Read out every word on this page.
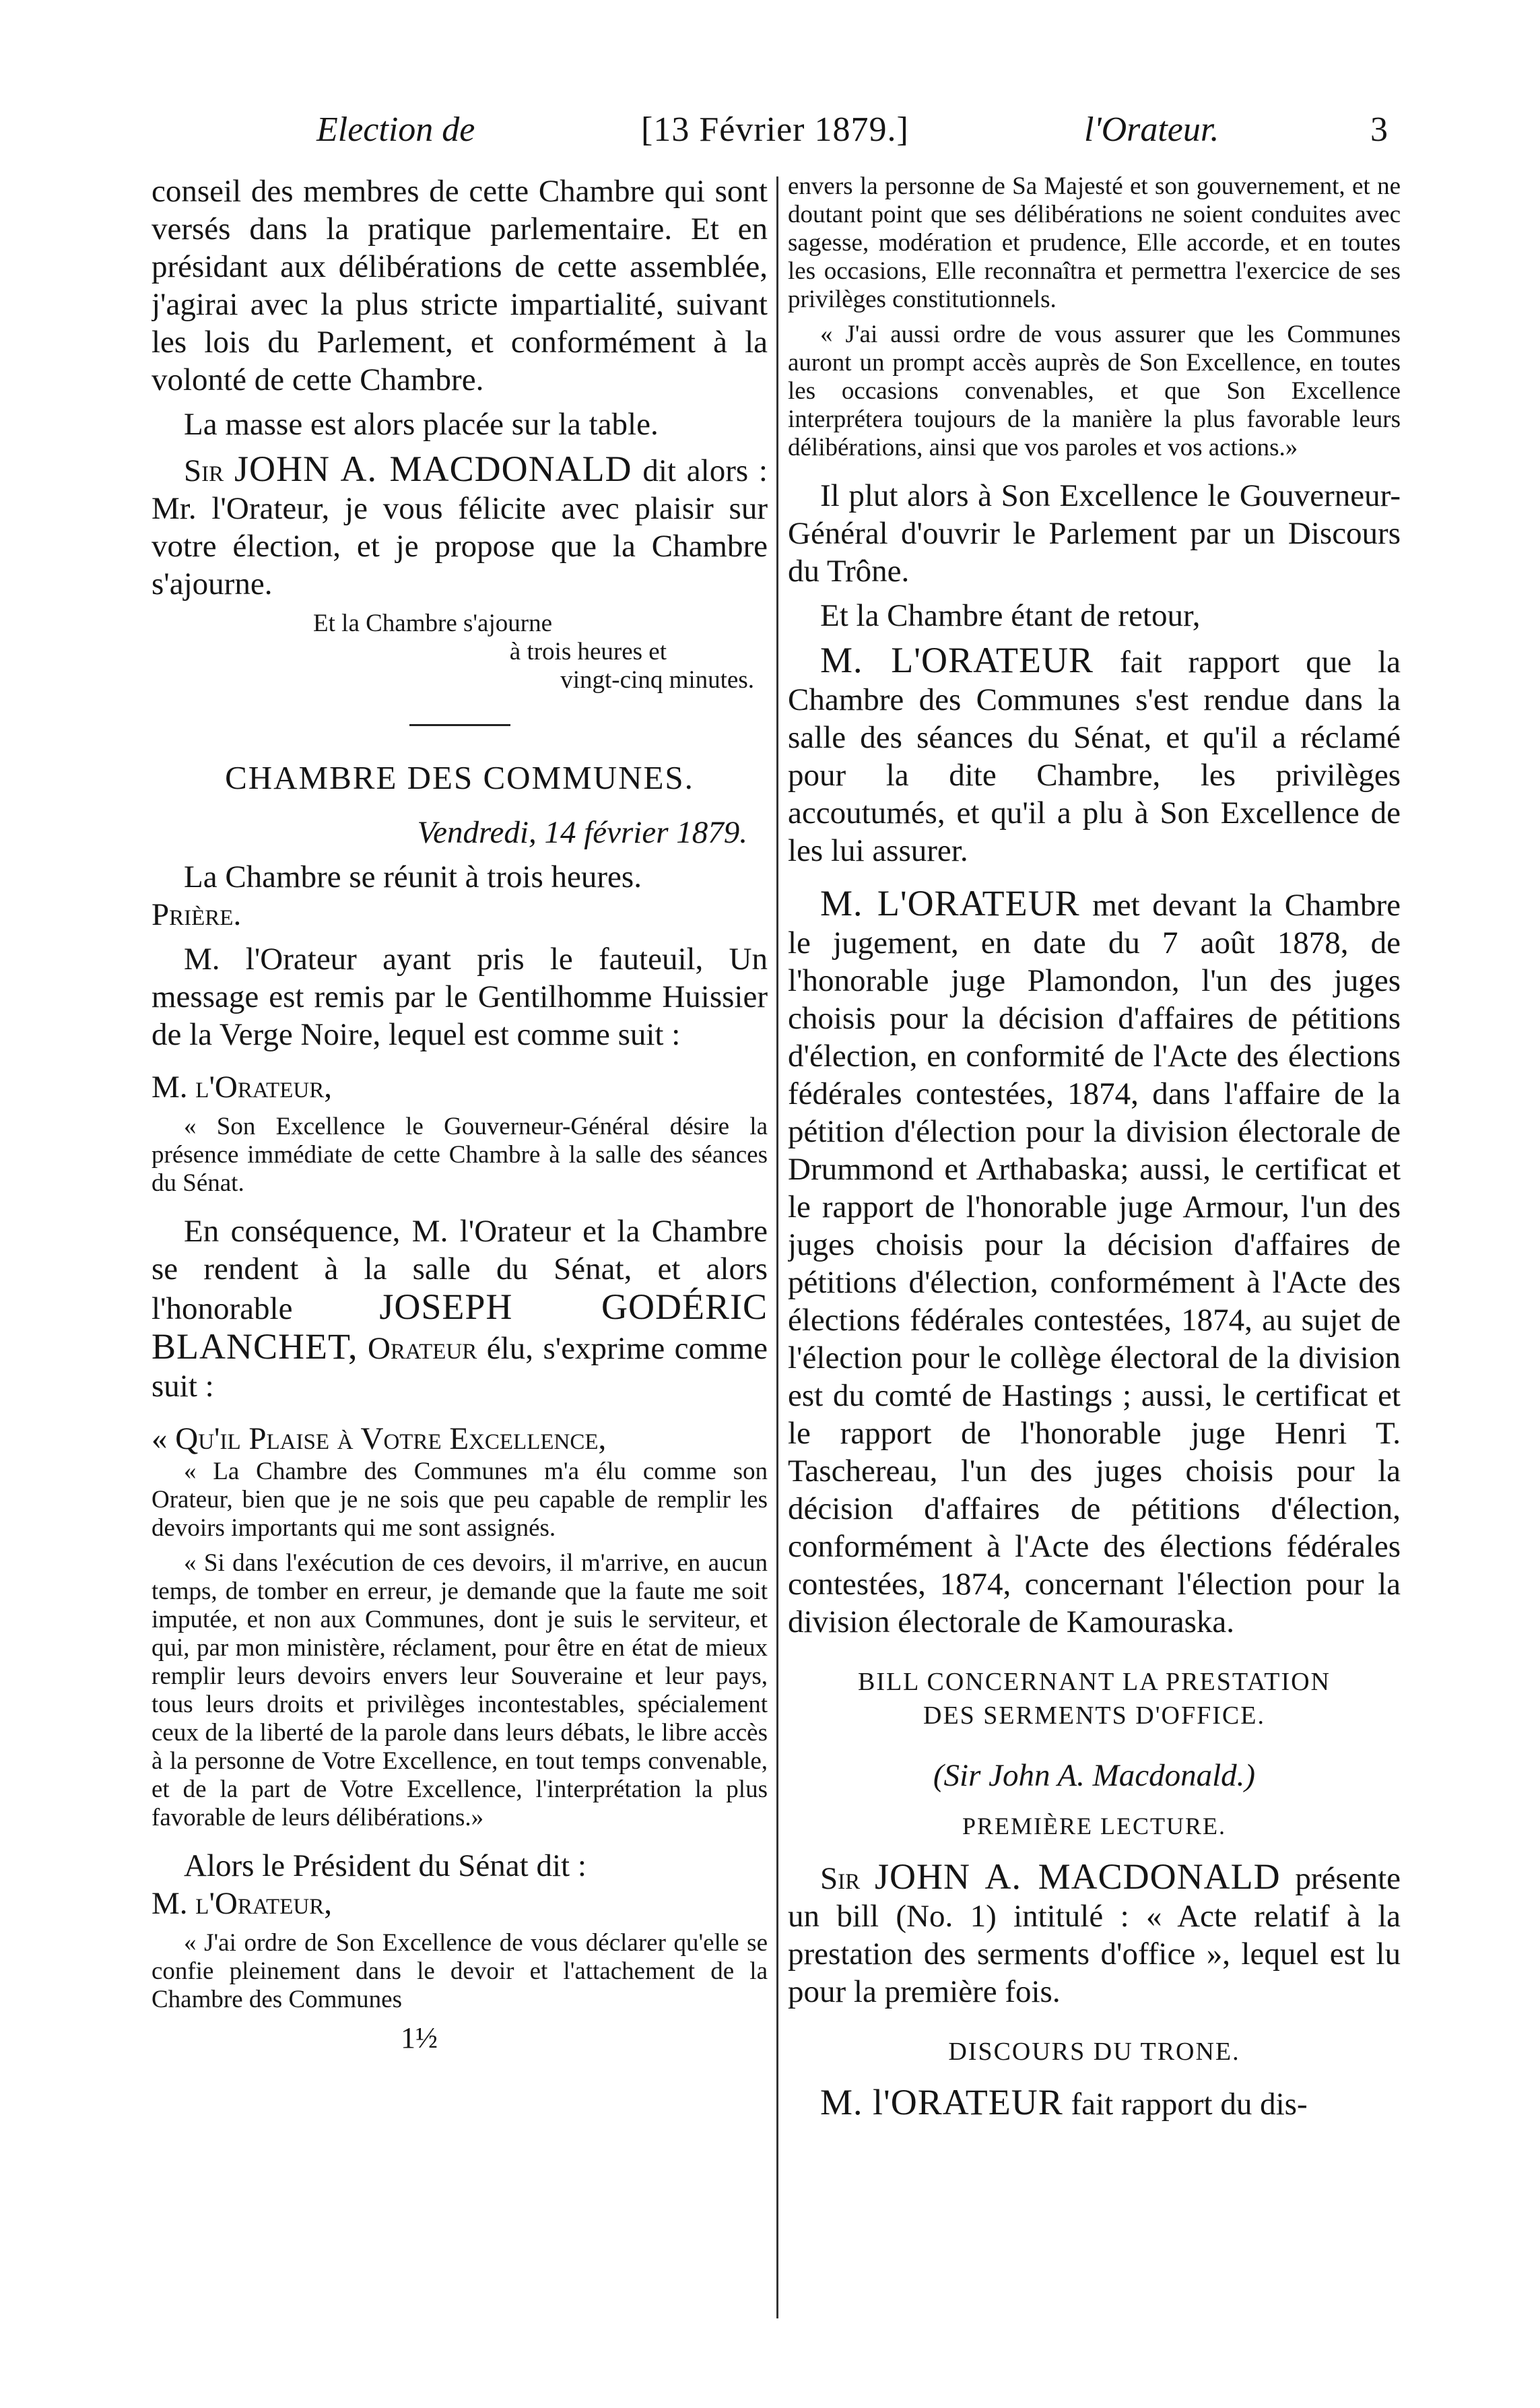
Election de	[13 Février 1879.]	l'Orateur.	3

conseil des membres de cette Chambre qui sont versés dans la pratique parlementaire. Et en présidant aux délibérations de cette assemblée, j'agirai avec la plus stricte impartialité, suivant les lois du Parlement, et conformément à la volonté de cette Chambre.

La masse est alors placée sur la table.

Sir JOHN A. MACDONALD dit alors : Mr. l'Orateur, je vous félicite avec plaisir sur votre élection, et je propose que la Chambre s'ajourne.

Et la Chambre s'ajourne

à trois heures et

vingt-cinq minutes.

CHAMBRE DES COMMUNES.

Vendredi, 14 février 1879.

La Chambre se réunit à trois heures.

Prière.

M. l'Orateur ayant pris le fauteuil, Un message est remis par le Gentilhomme Huissier de la Verge Noire, lequel est comme suit :

M. l'Orateur,

« Son Excellence le Gouverneur-Général désire la présence immédiate de cette Chambre à la salle des séances du Sénat.

En conséquence, M. l'Orateur et la Chambre se rendent à la salle du Sénat, et alors l'honorable JOSEPH GODÉRIC BLANCHET, Orateur élu, s'exprime comme suit :

« Qu'il Plaise à Votre Excellence,

« La Chambre des Communes m'a élu comme son Orateur, bien que je ne sois que peu capable de remplir les devoirs importants qui me sont assignés.

« Si dans l'exécution de ces devoirs, il m'arrive, en aucun temps, de tomber en erreur, je demande que la faute me soit imputée, et non aux Communes, dont je suis le serviteur, et qui, par mon ministère, réclament, pour être en état de mieux remplir leurs devoirs envers leur Souveraine et leur pays, tous leurs droits et privilèges incontestables, spécialement ceux de la liberté de la parole dans leurs débats, le libre accès à la personne de Votre Excellence, en tout temps convenable, et de la part de Votre Excellence, l'interprétation la plus favorable de leurs délibérations.»

Alors le Président du Sénat dit :

M. l'Orateur,

« J'ai ordre de Son Excellence de vous déclarer qu'elle se confie pleinement dans le devoir et l'attachement de la Chambre des Communes

1½

envers la personne de Sa Majesté et son gouvernement, et ne doutant point que ses délibérations ne soient conduites avec sagesse, modération et prudence, Elle accorde, et en toutes les occasions, Elle reconnaîtra et permettra l'exercice de ses privilèges constitutionnels.

« J'ai aussi ordre de vous assurer que les Communes auront un prompt accès auprès de Son Excellence, en toutes les occasions convenables, et que Son Excellence interprétera toujours de la manière la plus favorable leurs délibérations, ainsi que vos paroles et vos actions.»

Il plut alors à Son Excellence le Gouverneur-Général d'ouvrir le Parlement par un Discours du Trône.

Et la Chambre étant de retour,

M. L'ORATEUR fait rapport que la Chambre des Communes s'est rendue dans la salle des séances du Sénat, et qu'il a réclamé pour la dite Chambre, les privilèges accoutumés, et qu'il a plu à Son Excellence de les lui assurer.

M. L'ORATEUR met devant la Chambre le jugement, en date du 7 août 1878, de l'honorable juge Plamondon, l'un des juges choisis pour la décision d'affaires de pétitions d'élection, en conformité de l'Acte des élections fédérales contestées, 1874, dans l'affaire de la pétition d'élection pour la division électorale de Drummond et Arthabaska; aussi, le certificat et le rapport de l'honorable juge Armour, l'un des juges choisis pour la décision d'affaires de pétitions d'élection, conformément à l'Acte des élections fédérales contestées, 1874, au sujet de l'élection pour le collège électoral de la division est du comté de Hastings ; aussi, le certificat et le rapport de l'honorable juge Henri T. Taschereau, l'un des juges choisis pour la décision d'affaires de pétitions d'élection, conformément à l'Acte des élections fédérales contestées, 1874, concernant l'élection pour la division électorale de Kamouraska.

BILL CONCERNANT LA PRESTATION

DES SERMENTS D'OFFICE.

(Sir John A. Macdonald.)

PREMIÈRE LECTURE.

Sir JOHN A. MACDONALD présente un bill (No. 1) intitulé : « Acte relatif à la prestation des serments d'office », lequel est lu pour la première fois.

DISCOURS DU TRONE.

M. l'ORATEUR fait rapport du dis-
